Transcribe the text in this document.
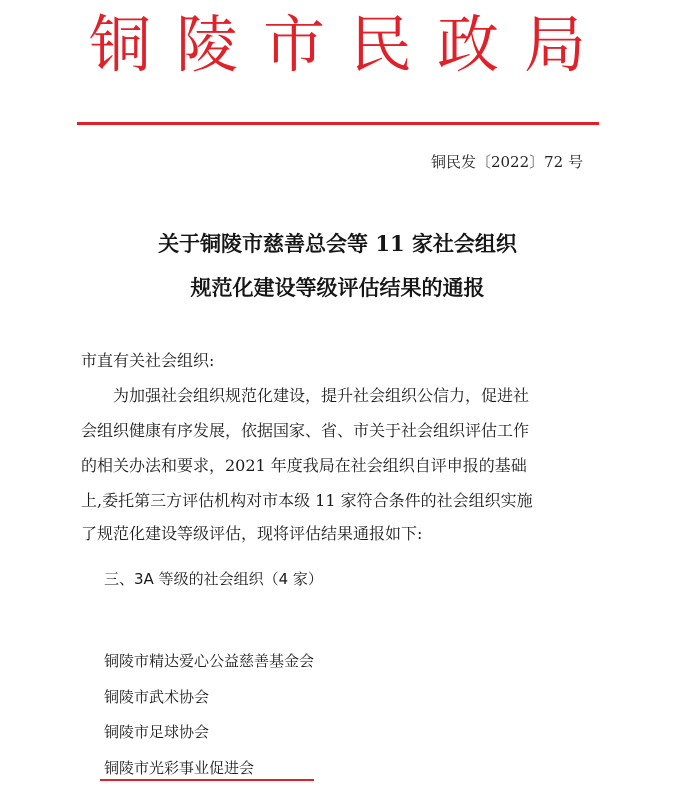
铜陵市民政局
铜民发〔2022〕72 号
关于铜陵市慈善总会等 11 家社会组织
规范化建设等级评估结果的通报
市直有关社会组织:
为加强社会组织规范化建设，提升社会组织公信力，促进社
会组织健康有序发展，依据国家、省、市关于社会组织评估工作
的相关办法和要求，2021 年度我局在社会组织自评申报的基础
上,委托第三方评估机构对市本级 11 家符合条件的社会组织实施
了规范化建设等级评估，现将评估结果通报如下:
三、3A 等级的社会组织（4 家）
铜陵市精达爱心公益慈善基金会
铜陵市武术协会
铜陵市足球协会
铜陵市光彩事业促进会
